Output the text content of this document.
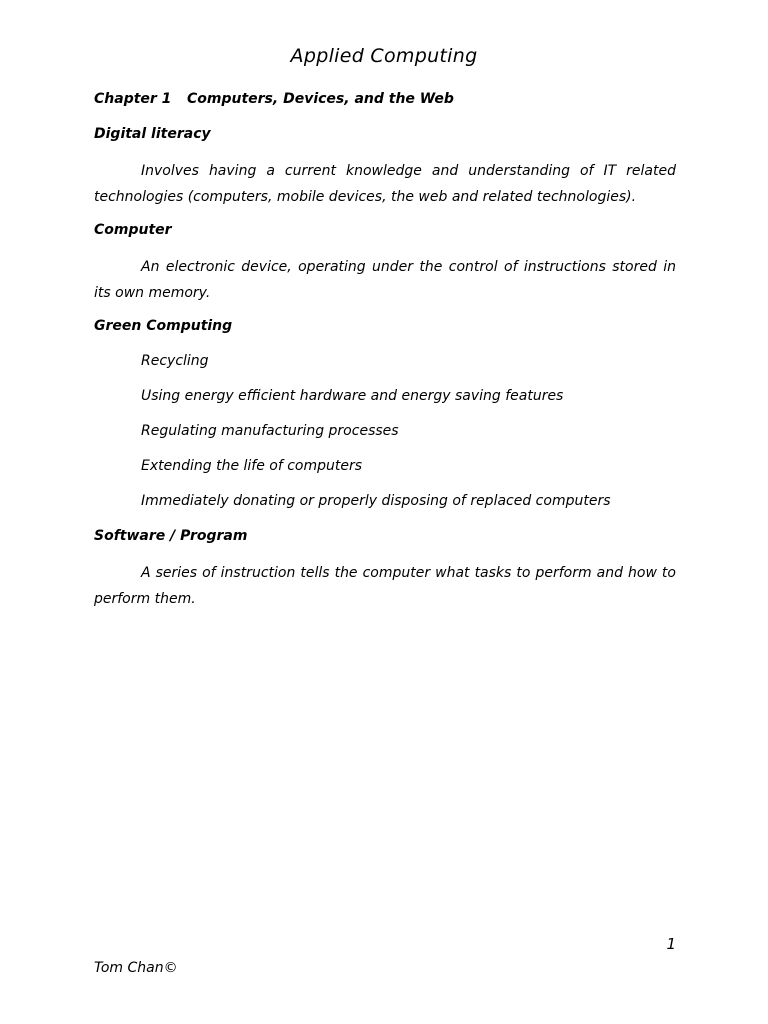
Applied Computing
Chapter 1 Computers, Devices, and the Web
Digital literacy

Involves having a current knowledge and understanding of IT related technologies (computers, mobile devices, the web and related technologies).

Computer

An electronic device, operating under the control of instructions stored in its own memory.

Green Computing
Recycling
Using energy efficient hardware and energy saving features
Regulating manufacturing processes
Extending the life of computers
Immediately donating or properly disposing of replaced computers
Software / Program

A series of instruction tells the computer what tasks to perform and how to perform them.

1
Tom Chan©
